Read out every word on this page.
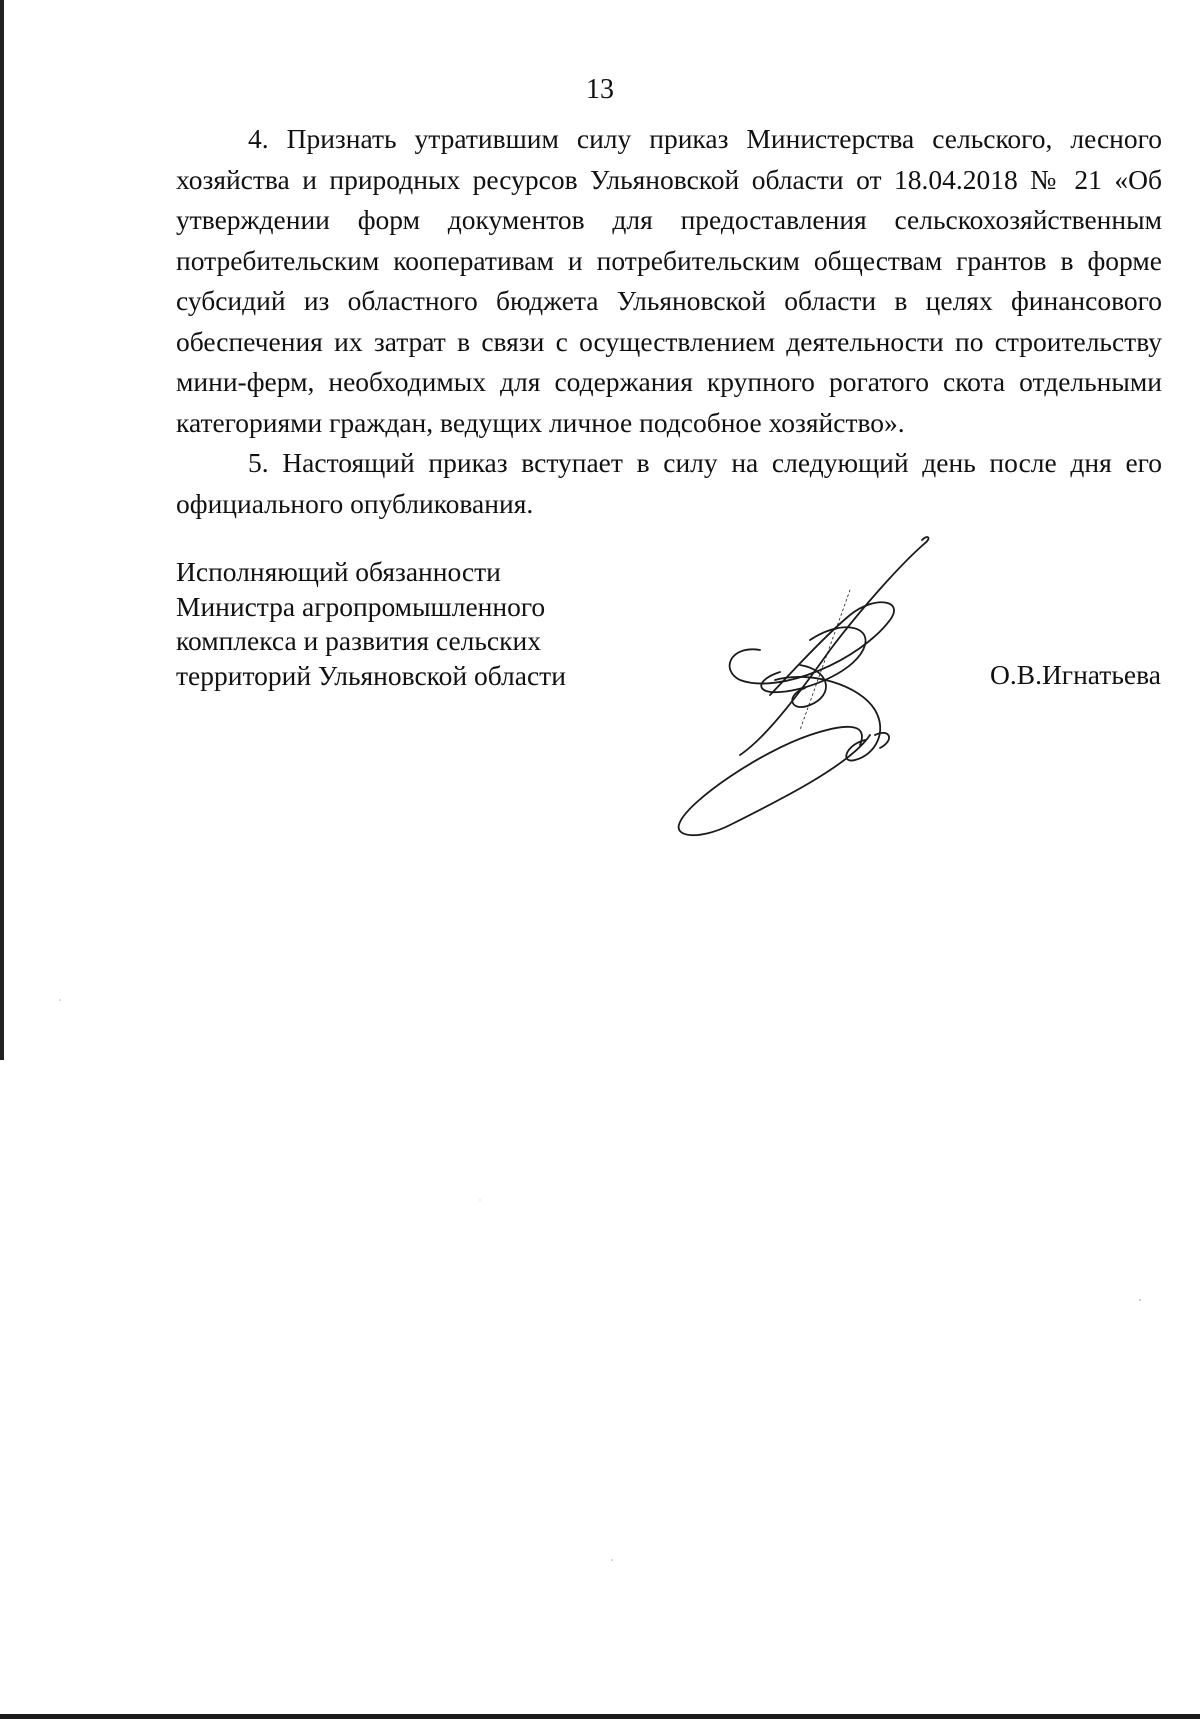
13

4. Признать утратившим силу приказ Министерства сельского, лесного хозяйства и природных ресурсов Ульяновской области от 18.04.2018 № 21 «Об утверждении форм документов для предоставления сельскохозяйственным потребительским кооперативам и потребительским обществам грантов в форме субсидий из областного бюджета Ульяновской области в целях финансового обеспечения их затрат в связи с осуществлением деятельности по строительству мини-ферм, необходимых для содержания крупного рогатого скота отдельными категориями граждан, ведущих личное подсобное хозяйство».

5. Настоящий приказ вступает в силу на следующий день после дня его официального опубликования.

Исполняющий обязанности
Министра агропромышленного
комплекса и развития сельских
территорий Ульяновской области	О.В.Игнатьева
